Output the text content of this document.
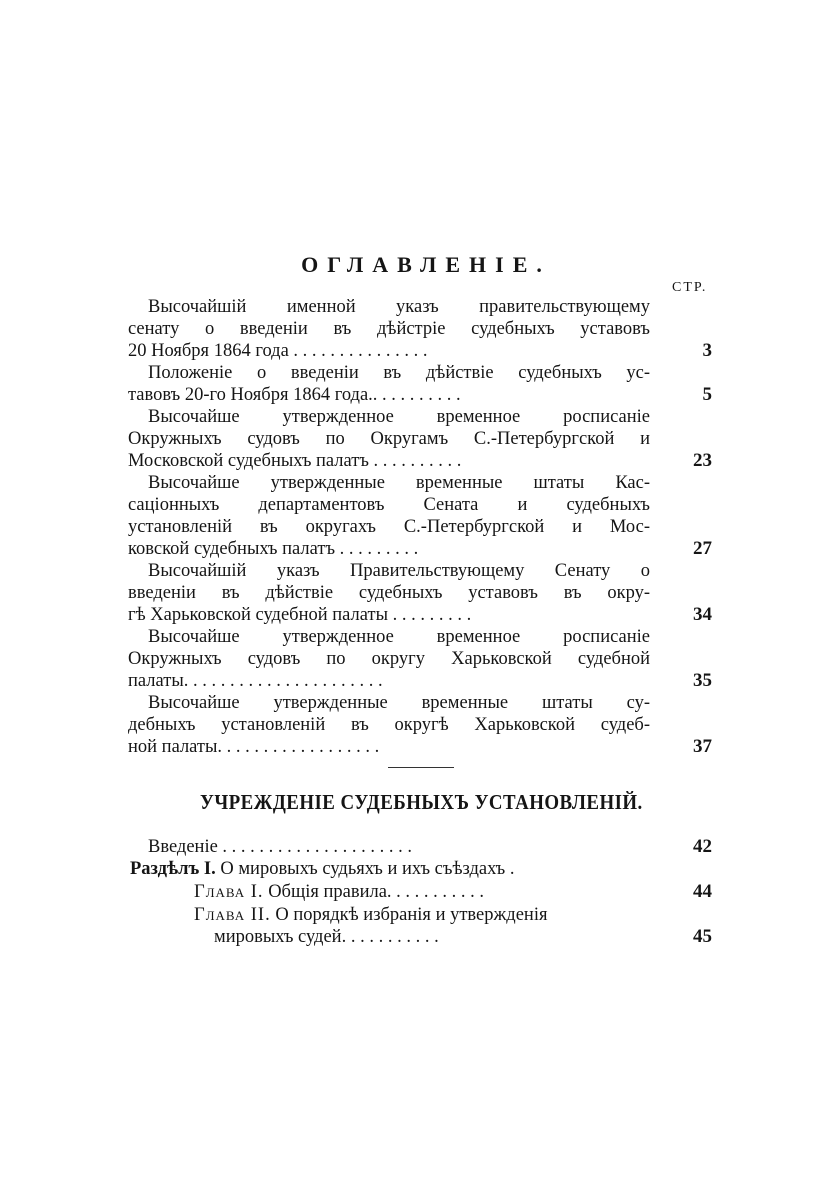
ОГЛАВЛЕНІЕ.
СТР.
Высочайшій именной указъ правительствующему
сенату о введеніи въ дѣйстріе судебныхъ уставовъ
20 Ноября 1864 года . . . . . . . . . . . . . . .	3
Положеніе о введеніи въ дѣйствіе судебныхъ ус-
тавовъ 20-го Ноября 1864 года.. . . . . . . . . .	5
Высочайше утвержденное временное росписаніе
Окружныхъ судовъ по Округамъ С.-Петербургской и
Московской судебныхъ палатъ . . . . . . . . . .	23
Высочайше утвержденные временные штаты Кас-
саціонныхъ департаментовъ Сената и судебныхъ
установленій въ округахъ С.-Петербургской и Мос-
ковской судебныхъ палатъ . . . . . . . . .	27
Высочайшій указъ Правительствующему Сенату о
введеніи въ дѣйствіе судебныхъ уставовъ въ окру-
гѣ Харьковской судебной палаты . . . . . . . . .	34
Высочайше утвержденное временное росписаніе
Окружныхъ судовъ по округу Харьковской судебной
палаты. . . . . . . . . . . . . . . . . . . . . .	35
Высочайше утвержденные временные штаты су-
дебныхъ установленій въ округѣ Харьковской судеб-
ной палаты. . . . . . . . . . . . . . . . . .	37
УЧРЕЖДЕНІЕ СУДЕБНЫХЪ УСТАНОВЛЕНІЙ.
Введеніе . . . . . . . . . . . . . . . . . . . . .	42
Раздѣлъ I. О мировыхъ судьяхъ и ихъ съѣздахъ .
Глава I. Общія правила. . . . . . . . . . .	44
Глава II. О порядкѣ избранія и утвержденія
мировыхъ судей. . . . . . . . . . .	45
